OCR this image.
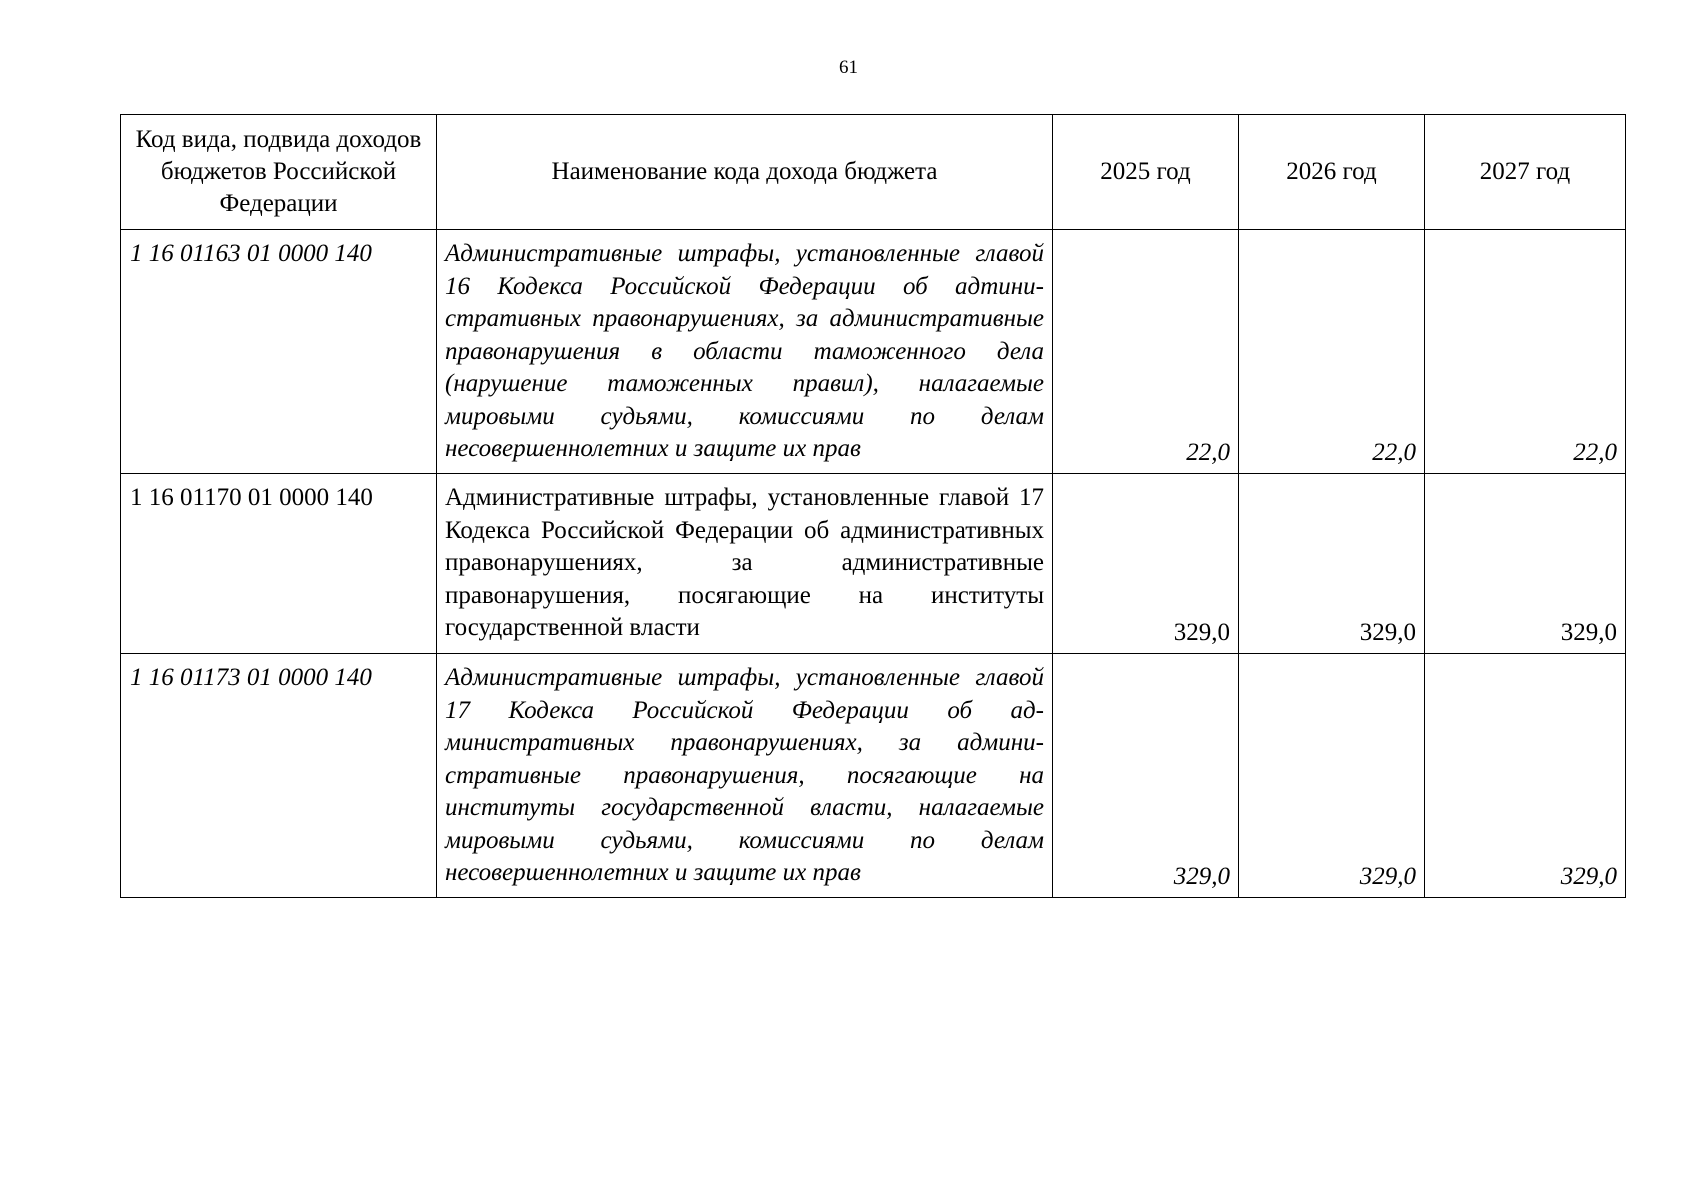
61
Код вида, подвида доходов бюджетов Российской Федерации	Наименование кода дохода бюджета	2025 год	2026 год	2027 год
1 16 01163 01 0000 140	Административные штрафы, установленные главой 16 Кодекса Российской Федерации об адmинистративных правонарушениях, за административные правонарушения в области таможенного дела (нарушение таможенных правил), налагаемые мировыми судьями, комиссиями по делам несовершеннолетних и защите их прав	22,0	22,0	22,0
1 16 01170 01 0000 140	Административные штрафы, установленные главой 17 Кодекса Российской Федерации об административных правонарушениях, за административные правонарушения, посягающие на институты государственной власти	329,0	329,0	329,0
1 16 01173 01 0000 140	Административные штрафы, установленные главой 17 Кодекса Российской Федерации об административных правонарушениях, за административные правонарушения, посягающие на институты государственной власти, налагаемые мировыми судьями, комиссиями по делам несовершеннолетних и защите их прав	329,0	329,0	329,0
